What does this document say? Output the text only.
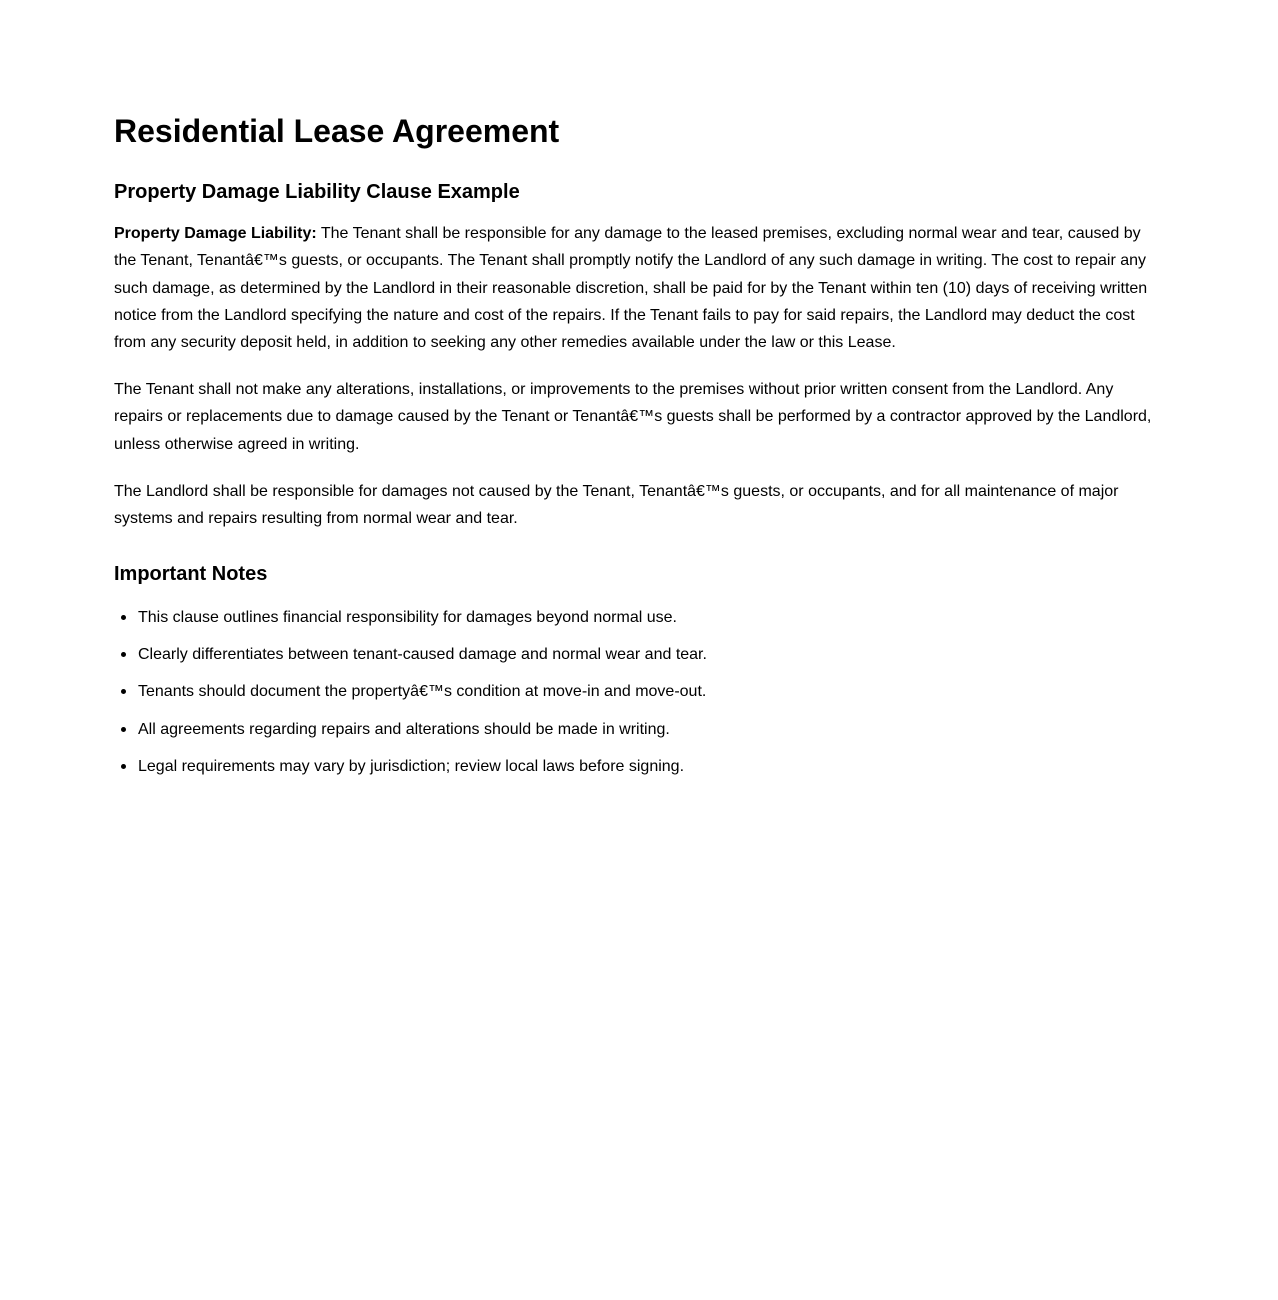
Residential Lease Agreement
Property Damage Liability Clause Example

Property Damage Liability: The Tenant shall be responsible for any damage to the leased premises, excluding normal wear and tear, caused by the Tenant, Tenantâ€™s guests, or occupants. The Tenant shall promptly notify the Landlord of any such damage in writing. The cost to repair any such damage, as determined by the Landlord in their reasonable discretion, shall be paid for by the Tenant within ten (10) days of receiving written notice from the Landlord specifying the nature and cost of the repairs. If the Tenant fails to pay for said repairs, the Landlord may deduct the cost from any security deposit held, in addition to seeking any other remedies available under the law or this Lease.

The Tenant shall not make any alterations, installations, or improvements to the premises without prior written consent from the Landlord. Any repairs or replacements due to damage caused by the Tenant or Tenantâ€™s guests shall be performed by a contractor approved by the Landlord, unless otherwise agreed in writing.

The Landlord shall be responsible for damages not caused by the Tenant, Tenantâ€™s guests, or occupants, and for all maintenance of major systems and repairs resulting from normal wear and tear.

Important Notes
This clause outlines financial responsibility for damages beyond normal use.
Clearly differentiates between tenant-caused damage and normal wear and tear.
Tenants should document the propertyâ€™s condition at move-in and move-out.
All agreements regarding repairs and alterations should be made in writing.
Legal requirements may vary by jurisdiction; review local laws before signing.
